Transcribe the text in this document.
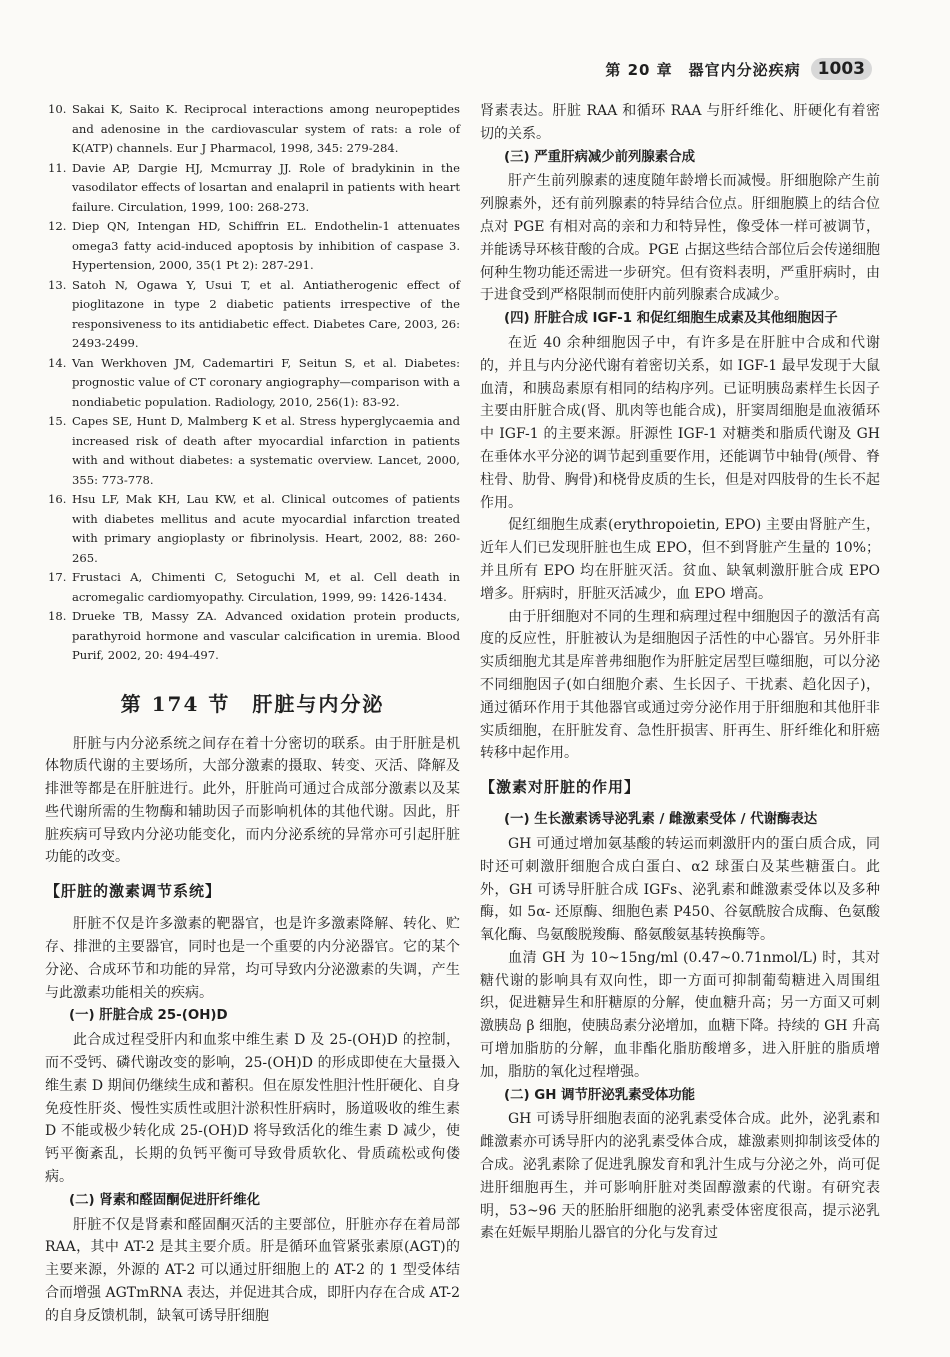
第 20 章　器官内分泌疾病	1003
10. Sakai K, Saito K. Reciprocal interactions among neuropeptides and adenosine in the cardiovascular system of rats: a role of K(ATP) channels. Eur J Pharmacol, 1998, 345: 279-284.
11. Davie AP, Dargie HJ, Mcmurray JJ. Role of bradykinin in the vasodilator effects of losartan and enalapril in patients with heart failure. Circulation, 1999, 100: 268-273.
12. Diep QN, Intengan HD, Schiffrin EL. Endothelin-1 attenuates omega3 fatty acid-induced apoptosis by inhibition of caspase 3. Hypertension, 2000, 35(1 Pt 2): 287-291.
13. Satoh N, Ogawa Y, Usui T, et al. Antiatherogenic effect of pioglitazone in type 2 diabetic patients irrespective of the responsiveness to its antidiabetic effect. Diabetes Care, 2003, 26: 2493-2499.
14. Van Werkhoven JM, Cademartiri F, Seitun S, et al. Diabetes: prognostic value of CT coronary angiography—comparison with a nondiabetic population. Radiology, 2010, 256(1): 83-92.
15. Capes SE, Hunt D, Malmberg K et al. Stress hyperglycaemia and increased risk of death after myocardial infarction in patients with and without diabetes: a systematic overview. Lancet, 2000, 355: 773-778.
16. Hsu LF, Mak KH, Lau KW, et al. Clinical outcomes of patients with diabetes mellitus and acute myocardial infarction treated with primary angioplasty or fibrinolysis. Heart, 2002, 88: 260-265.
17. Frustaci A, Chimenti C, Setoguchi M, et al. Cell death in acromegalic cardiomyopathy. Circulation, 1999, 99: 1426-1434.
18. Drueke TB, Massy ZA. Advanced oxidation protein products, parathyroid hormone and vascular calcification in uremia. Blood Purif, 2002, 20: 494-497.
第 174 节　肝脏与内分泌

肝脏与内分泌系统之间存在着十分密切的联系。由于肝脏是机体物质代谢的主要场所，大部分激素的摄取、转变、灭活、降解及排泄等都是在肝脏进行。此外，肝脏尚可通过合成部分激素以及某些代谢所需的生物酶和辅助因子而影响机体的其他代谢。因此，肝脏疾病可导致内分泌功能变化，而内分泌系统的异常亦可引起肝脏功能的改变。

【肝脏的激素调节系统】

肝脏不仅是许多激素的靶器官，也是许多激素降解、转化、贮存、排泄的主要器官，同时也是一个重要的内分泌器官。它的某个分泌、合成环节和功能的异常，均可导致内分泌激素的失调，产生与此激素功能相关的疾病。

(一) 肝脏合成 25-(OH)D

此合成过程受肝内和血浆中维生素 D 及 25-(OH)D 的控制，而不受钙、磷代谢改变的影响，25-(OH)D 的形成即使在大量摄入维生素 D 期间仍继续生成和蓄积。但在原发性胆汁性肝硬化、自身免疫性肝炎、慢性实质性或胆汁淤积性肝病时，肠道吸收的维生素 D 不能或极少转化成 25-(OH)D 将导致活化的维生素 D 减少，使钙平衡紊乱，长期的负钙平衡可导致骨质软化、骨质疏松或佝偻病。

(二) 肾素和醛固酮促进肝纤维化

肝脏不仅是肾素和醛固酮灭活的主要部位，肝脏亦存在着局部 RAA，其中 AT-2 是其主要介质。肝是循环血管紧张素原(AGT)的主要来源，外源的 AT-2 可以通过肝细胞上的 AT-2 的 1 型受体结合而增强 AGTmRNA 表达，并促进其合成，即肝内存在合成 AT-2 的自身反馈机制，缺氧可诱导肝细胞

肾素表达。肝脏 RAA 和循环 RAA 与肝纤维化、肝硬化有着密切的关系。

(三) 严重肝病减少前列腺素合成

肝产生前列腺素的速度随年龄增长而减慢。肝细胞除产生前列腺素外，还有前列腺素的特异结合位点。肝细胞膜上的结合位点对 PGE 有相对高的亲和力和特异性，像受体一样可被调节，并能诱导环核苷酸的合成。PGE 占据这些结合部位后会传递细胞何种生物功能还需进一步研究。但有资料表明，严重肝病时，由于进食受到严格限制而使肝内前列腺素合成减少。

(四) 肝脏合成 IGF-1 和促红细胞生成素及其他细胞因子

在近 40 余种细胞因子中，有许多是在肝脏中合成和代谢的，并且与内分泌代谢有着密切关系，如 IGF-1 最早发现于大鼠血清，和胰岛素原有相同的结构序列。已证明胰岛素样生长因子主要由肝脏合成(肾、肌肉等也能合成)，肝窦周细胞是血液循环中 IGF-1 的主要来源。肝源性 IGF-1 对糖类和脂质代谢及 GH 在垂体水平分泌的调节起到重要作用，还能调节中轴骨(颅骨、脊柱骨、肋骨、胸骨)和桡骨皮质的生长，但是对四肢骨的生长不起作用。

促红细胞生成素(erythropoietin, EPO) 主要由肾脏产生，近年人们已发现肝脏也生成 EPO，但不到肾脏产生量的 10%；并且所有 EPO 均在肝脏灭活。贫血、缺氧刺激肝脏合成 EPO 增多。肝病时，肝脏灭活减少，血 EPO 增高。

由于肝细胞对不同的生理和病理过程中细胞因子的激活有高度的反应性，肝脏被认为是细胞因子活性的中心器官。另外肝非实质细胞尤其是库普弗细胞作为肝脏定居型巨噬细胞，可以分泌不同细胞因子(如白细胞介素、生长因子、干扰素、趋化因子)，通过循环作用于其他器官或通过旁分泌作用于肝细胞和其他肝非实质细胞，在肝脏发育、急性肝损害、肝再生、肝纤维化和肝癌转移中起作用。

【激素对肝脏的作用】
(一) 生长激素诱导泌乳素 / 雌激素受体 / 代谢酶表达

GH 可通过增加氨基酸的转运而刺激肝内的蛋白质合成，同时还可刺激肝细胞合成白蛋白、α2 球蛋白及某些糖蛋白。此外，GH 可诱导肝脏合成 IGFs、泌乳素和雌激素受体以及多种酶，如 5α- 还原酶、细胞色素 P450、谷氨酰胺合成酶、色氨酸氧化酶、鸟氨酸脱羧酶、酪氨酸氨基转换酶等。

血清 GH 为 10~15ng/ml (0.47~0.71nmol/L) 时，其对糖代谢的影响具有双向性，即一方面可抑制葡萄糖进入周围组织，促进糖异生和肝糖原的分解，使血糖升高；另一方面又可刺激胰岛 β 细胞，使胰岛素分泌增加，血糖下降。持续的 GH 升高可增加脂肪的分解，血非酯化脂肪酸增多，进入肝脏的脂质增加，脂肪的氧化过程增强。

(二) GH 调节肝泌乳素受体功能

GH 可诱导肝细胞表面的泌乳素受体合成。此外，泌乳素和雌激素亦可诱导肝内的泌乳素受体合成，雄激素则抑制该受体的合成。泌乳素除了促进乳腺发育和乳汁生成与分泌之外，尚可促进肝细胞再生，并可影响肝脏对类固醇激素的代谢。有研究表明，53~96 天的胚胎肝细胞的泌乳素受体密度很高，提示泌乳素在妊娠早期胎儿器官的分化与发育过
